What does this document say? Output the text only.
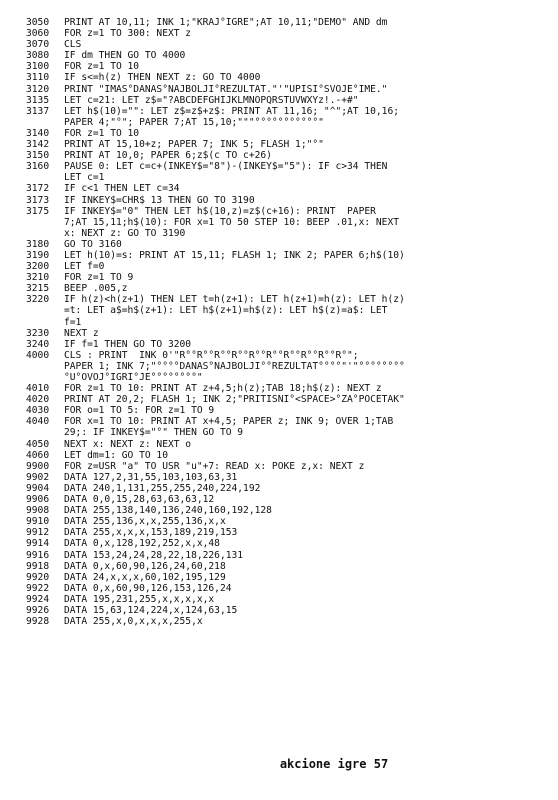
3050	PRINT AT 10,11; INK 1;"KRAJ°IGRE";AT 10,11;"DEMO" AND dm
3060	FOR z=1 TO 300: NEXT z
3070	CLS
3080	IF dm THEN GO TO 4000
3100	FOR z=1 TO 10
3110	IF s<=h(z) THEN NEXT z: GO TO 4000
3120	PRINT "IMAS°DANAS°NAJBOLJI°REZULTAT."'"UPISI°SVOJE°IME."
3135	LET c=21: LET z$="?ABCDEFGHIJKLMNOPQRSTUVWXYz!.-+#"
3137	LET h$(10)="": LET z$=z$+z$: PRINT AT 11,16; "^";AT 10,16;
PAPER 4;"°"; PAPER 7;AT 15,10;"""°°°°°°°°°°°"
3140	FOR z=1 TO 10
3142	PRINT AT 15,10+z; PAPER 7; INK 5; FLASH 1;"°"
3150	PRINT AT 10,0; PAPER 6;z$(c TO c+26)
3160	PAUSE 0: LET c=c+(INKEY$="8")-(INKEY$="5"): IF c>34 THEN
LET c=1
3172	IF c<1 THEN LET c=34
3173	IF INKEY$=CHR$ 13 THEN GO TO 3190
3175	IF INKEY$="0" THEN LET h$(10,z)=z$(c+16): PRINT  PAPER
7;AT 15,11;h$(10): FOR x=1 TO 50 STEP 10: BEEP .01,x: NEXT
x: NEXT z: GO TO 3190
3180	GO TO 3160
3190	LET h(10)=s: PRINT AT 15,11; FLASH 1; INK 2; PAPER 6;h$(10)
3200	LET f=0
3210	FOR z=1 TO 9
3215	BEEP .005,z
3220	IF h(z)<h(z+1) THEN LET t=h(z+1): LET h(z+1)=h(z): LET h(z)
=t: LET a$=h$(z+1): LET h$(z+1)=h$(z): LET h$(z)=a$: LET
f=1
3230	NEXT z
3240	IF f=1 THEN GO TO 3200
4000	CLS : PRINT  INK 0'"R°°R°°R°°R°°R°°R°°R°°R°°R°°R°";
PAPER 1; INK 7;"°°°°DANAS°NAJBOLJI°°REZULTAT°°°°"'"°°°°°°°°
°U°OVOJ°IGRI°JE°°°°°°°°"
4010	FOR z=1 TO 10: PRINT AT z+4,5;h(z);TAB 18;h$(z): NEXT z
4020	PRINT AT 20,2; FLASH 1; INK 2;"PRITISNI°<SPACE>°ZA°POCETAK"
4030	FOR o=1 TO 5: FOR z=1 TO 9
4040	FOR x=1 TO 10: PRINT AT x+4,5; PAPER z; INK 9; OVER 1;TAB
29;: IF INKEY$="°" THEN GO TO 9
4050	NEXT x: NEXT z: NEXT o
4060	LET dm=1: GO TO 10
9900	FOR z=USR "a" TO USR "u"+7: READ x: POKE z,x: NEXT z
9902	DATA 127,2,31,55,103,103,63,31
9904	DATA 240,1,131,255,255,240,224,192
9906	DATA 0,0,15,28,63,63,63,12
9908	DATA 255,138,140,136,240,160,192,128
9910	DATA 255,136,x,x,255,136,x,x
9912	DATA 255,x,x,x,153,189,219,153
9914	DATA 0,x,128,192,252,x,x,48
9916	DATA 153,24,24,28,22,18,226,131
9918	DATA 0,x,60,90,126,24,60,218
9920	DATA 24,x,x,x,60,102,195,129
9922	DATA 0,x,60,90,126,153,126,24
9924	DATA 195,231,255,x,x,x,x,x
9926	DATA 15,63,124,224,x,124,63,15
9928	DATA 255,x,0,x,x,x,255,x
akcione igre 57
